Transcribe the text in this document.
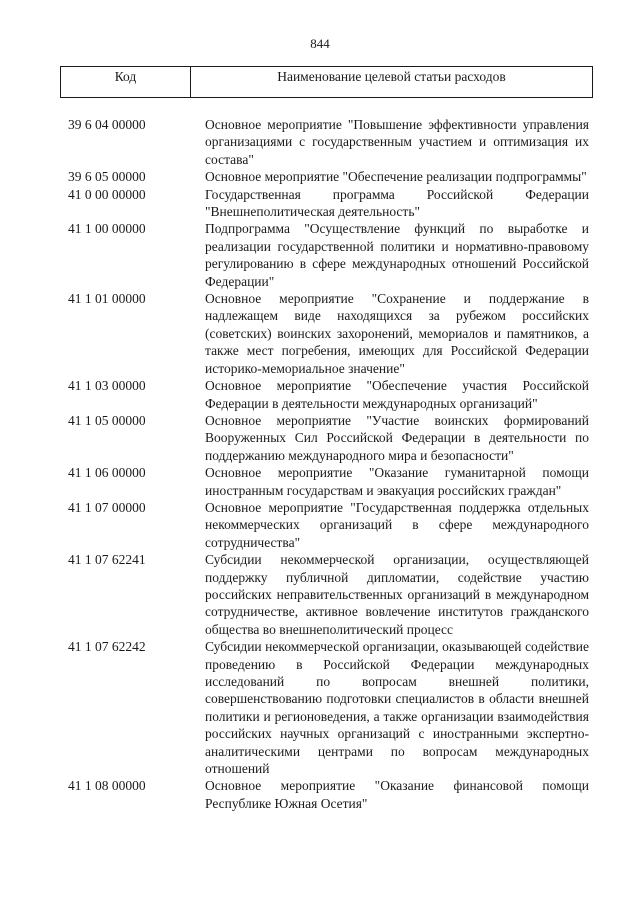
844
Код	Наименование целевой статьи расходов
39 6 04 00000	Основное мероприятие "Повышение эффективности управления организациями с государственным участием и оптимизация их состава"
39 6 05 00000	Основное мероприятие "Обеспечение реализации подпрограммы"
41 0 00 00000	Государственная программа Российской Федерации "Внешнеполитическая деятельность"
41 1 00 00000	Подпрограмма "Осуществление функций по выработке и реализации государственной политики и нормативно-правовому регулированию в сфере международных отношений Российской Федерации"
41 1 01 00000	Основное мероприятие "Сохранение и поддержание в надлежащем виде находящихся за рубежом российских (советских) воинских захоронений, мемориалов и памятников, а также мест погребения, имеющих для Российской Федерации историко-мемориальное значение"
41 1 03 00000	Основное мероприятие "Обеспечение участия Российской Федерации в деятельности международных организаций"
41 1 05 00000	Основное мероприятие "Участие воинских формирований Вооруженных Сил Российской Федерации в деятельности по поддержанию международного мира и безопасности"
41 1 06 00000	Основное мероприятие "Оказание гуманитарной помощи иностранным государствам и эвакуация российских граждан"
41 1 07 00000	Основное мероприятие "Государственная поддержка отдельных некоммерческих организаций в сфере международного сотрудничества"
41 1 07 62241	Субсидии некоммерческой организации, осуществляющей поддержку публичной дипломатии, содействие участию российских неправительственных организаций в международном сотрудничестве, активное вовлечение институтов гражданского общества во внешнеполитический процесс
41 1 07 62242	Субсидии некоммерческой организации, оказывающей содействие проведению в Российской Федерации международных исследований по вопросам внешней политики, совершенствованию подготовки специалистов в области внешней политики и регионоведения, а также организации взаимодействия российских научных организаций с иностранными экспертно-аналитическими центрами по вопросам международных отношений
41 1 08 00000	Основное мероприятие "Оказание финансовой помощи Республике Южная Осетия"
